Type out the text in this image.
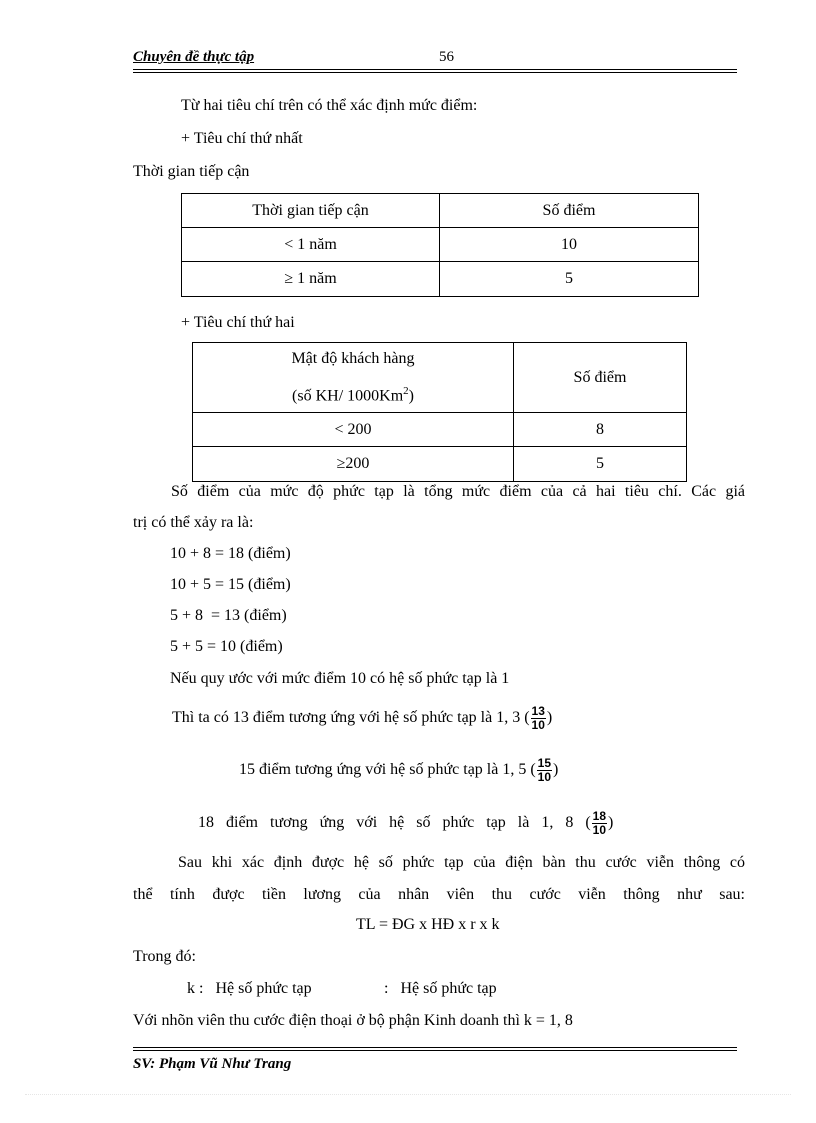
Chuyên đề thực tập	56
Từ hai tiêu chí trên có thể xác định mức điểm:
+ Tiêu chí thứ nhất
Thời gian tiếp cận
Thời gian tiếp cận	Số điểm
< 1 năm	10
≥ 1 năm	5
+ Tiêu chí thứ hai
Mật độ khách hàng
(số KH/ 1000Km$^2$)	Số điểm
< 200	8
≥200	5
Số điểm của mức độ phức tạp là tổng mức điểm của cả hai tiêu chí. Các giá
trị có thể xảy ra là:
10 + 8 = 18 (điểm)
10 + 5 = 15 (điểm)
5 + 8  = 13 (điểm)
5 + 5 = 10 (điểm)
Nếu quy ước với mức điểm 10 có hệ số phức tạp là 1
Thì ta có 13 điểm tương ứng với hệ số phức tạp là 1, 3 ( $\frac{13}{10}$ )
15 điểm tương ứng với hệ số phức tạp là 1, 5 ( $\frac{15}{10}$ )
18   điểm   tương   ứng   với   hệ   số   phức   tạp   là   1,   8   ( $\frac{18}{10}$ )
Sau khi xác định được hệ số phức tạp của điện bàn thu cước viễn thông có
thể tính được tiền lương của nhân viên thu cước viễn thông như sau:
TL = ĐG x HĐ x r x k
Trong đó:
k :   Hệ số phức tạp	:   Hệ số phức tạp
Với nhõn viên thu cước điện thoại ở bộ phận Kinh doanh thì k = 1, 8
SV: Phạm Vũ Như Trang
